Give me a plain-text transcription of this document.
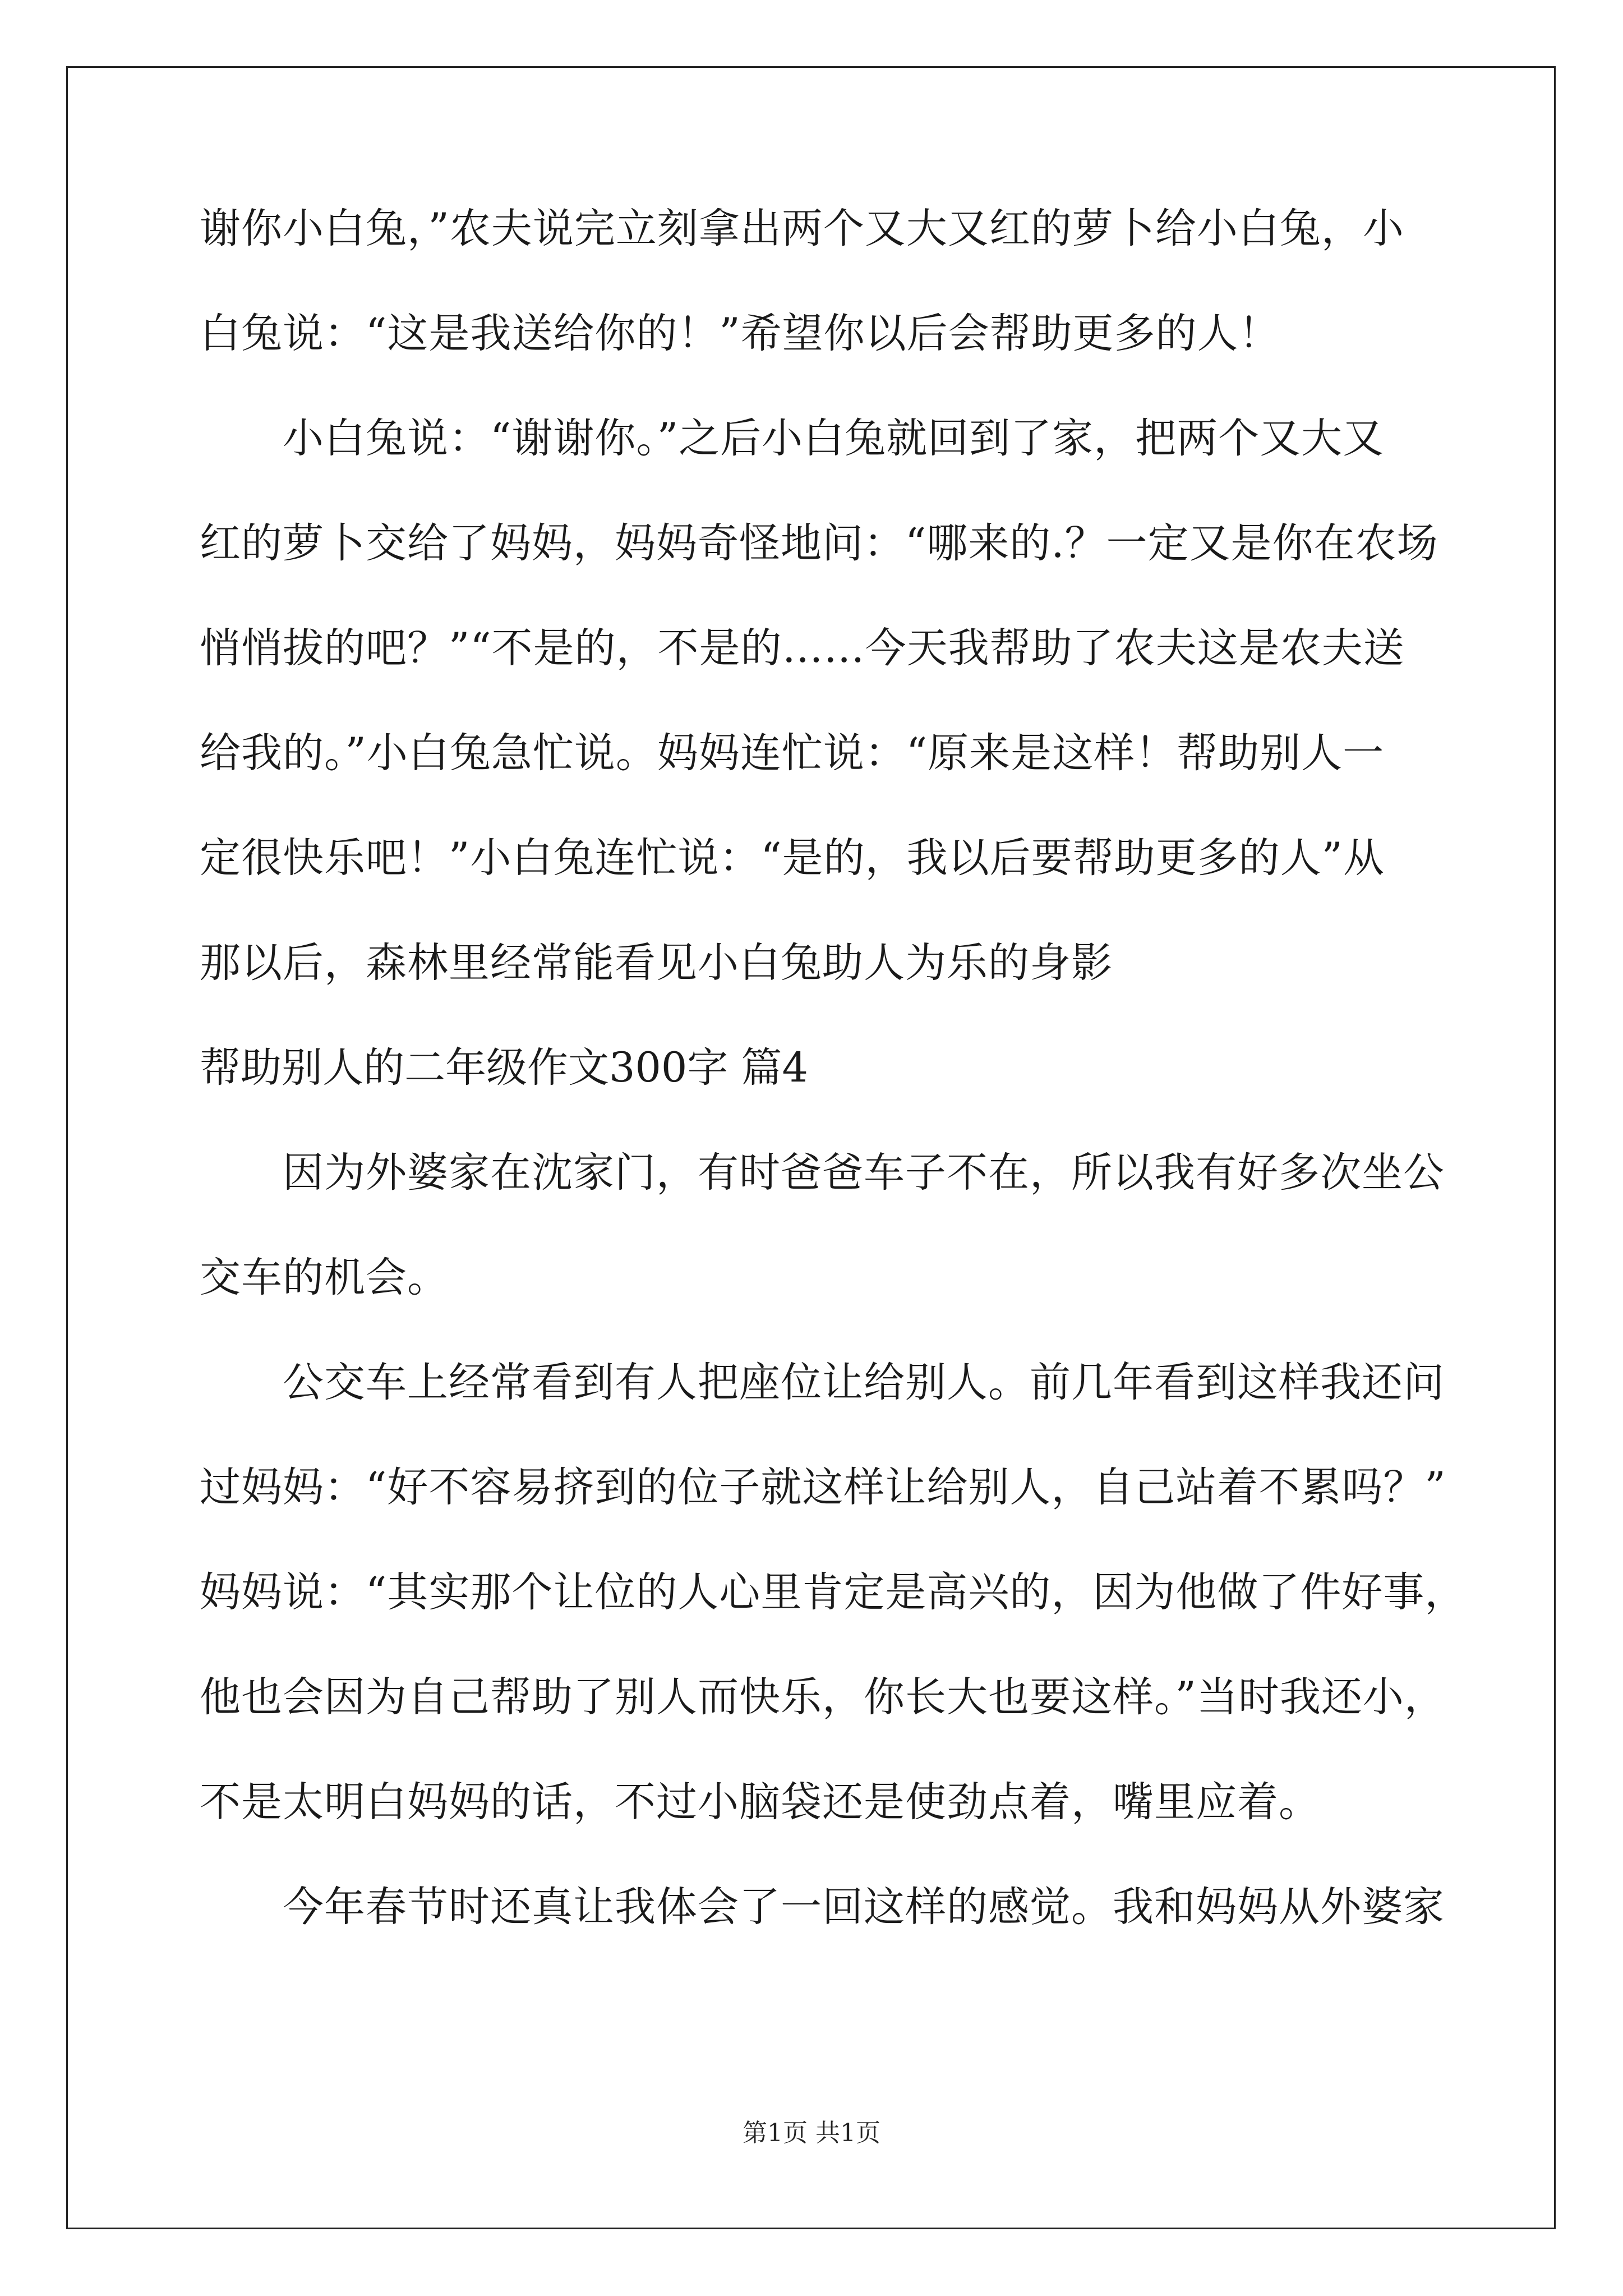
谢你小白兔，”农夫说完立刻拿出两个又大又红的萝卜给小白兔，小
白兔说：“这是我送给你的！”希望你以后会帮助更多的人！
小白兔说：“谢谢你。”之后小白兔就回到了家，把两个又大又
红的萝卜交给了妈妈，妈妈奇怪地问：“哪来的.？一定又是你在农场
悄悄拔的吧？”“不是的，不是的……今天我帮助了农夫这是农夫送
给我的。”小白兔急忙说。妈妈连忙说：“原来是这样！帮助别人一
定很快乐吧！”小白兔连忙说：“是的，我以后要帮助更多的人”从
那以后，森林里经常能看见小白兔助人为乐的身影
帮助别人的二年级作文300字 篇4
因为外婆家在沈家门，有时爸爸车子不在，所以我有好多次坐公
交车的机会。
公交车上经常看到有人把座位让给别人。前几年看到这样我还问
过妈妈：“好不容易挤到的位子就这样让给别人，自己站着不累吗？”
妈妈说：“其实那个让位的人心里肯定是高兴的，因为他做了件好事，
他也会因为自己帮助了别人而快乐，你长大也要这样。”当时我还小，
不是太明白妈妈的话，不过小脑袋还是使劲点着，嘴里应着。
今年春节时还真让我体会了一回这样的感觉。我和妈妈从外婆家
第1页 共1页
